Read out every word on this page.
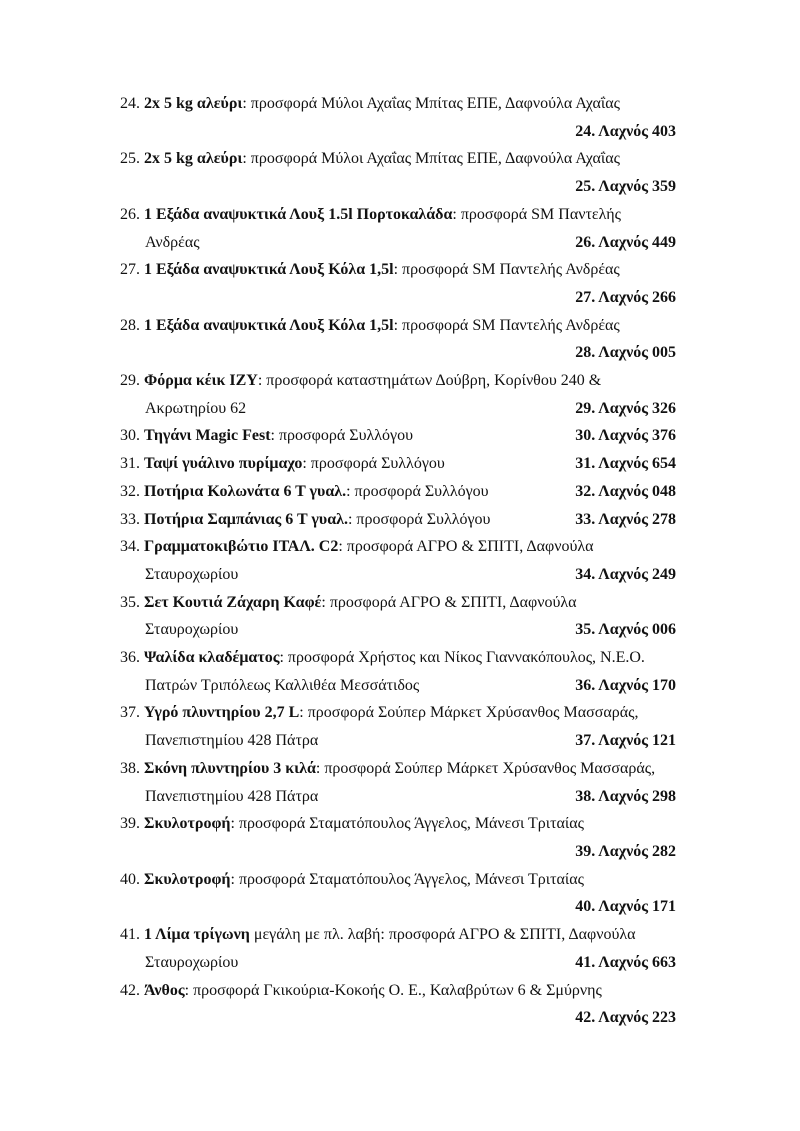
24. 2x 5 kg αλεύρι: προσφορά Μύλοι Αχαΐας Μπίτας ΕΠΕ, Δαφνούλα Αχαΐας
24. Λαχνός 403
25. 2x 5 kg αλεύρι: προσφορά Μύλοι Αχαΐας Μπίτας ΕΠΕ, Δαφνούλα Αχαΐας
25. Λαχνός 359
26. 1 Εξάδα αναψυκτικά Λουξ 1.5l Πορτοκαλάδα: προσφορά SM Παντελής
Ανδρέας	26. Λαχνός 449
27. 1 Εξάδα αναψυκτικά Λουξ Κόλα 1,5l: προσφορά SM Παντελής Ανδρέας
27. Λαχνός 266
28. 1 Εξάδα αναψυκτικά Λουξ Κόλα 1,5l: προσφορά SM Παντελής Ανδρέας
28. Λαχνός 005
29. Φόρμα κέικ IZY: προσφορά καταστημάτων Δούβρη, Κορίνθου 240 &
Ακρωτηρίου 62	29. Λαχνός 326
30. Τηγάνι Magic Fest: προσφορά Συλλόγου	30. Λαχνός 376
31. Ταψί γυάλινο πυρίμαχο: προσφορά Συλλόγου	31. Λαχνός 654
32. Ποτήρια Κολωνάτα 6 Τ γυαλ.: προσφορά Συλλόγου	32. Λαχνός 048
33. Ποτήρια Σαμπάνιας 6 Τ γυαλ.: προσφορά Συλλόγου	33. Λαχνός 278
34. Γραμματοκιβώτιο ΙΤΑΛ. C2: προσφορά ΑΓΡΟ & ΣΠΙΤΙ, Δαφνούλα
Σταυροχωρίου	34. Λαχνός 249
35. Σετ Κουτιά Ζάχαρη Καφέ: προσφορά ΑΓΡΟ & ΣΠΙΤΙ, Δαφνούλα
Σταυροχωρίου	35. Λαχνός 006
36. Ψαλίδα κλαδέματος: προσφορά Χρήστος και Νίκος Γιαννακόπουλος, Ν.Ε.Ο.
Πατρών Τριπόλεως Καλλιθέα Μεσσάτιδος	36. Λαχνός 170
37. Υγρό πλυντηρίου 2,7 L: προσφορά Σούπερ Μάρκετ Χρύσανθος Μασσαράς,
Πανεπιστημίου 428 Πάτρα	37. Λαχνός 121
38. Σκόνη πλυντηρίου 3 κιλά: προσφορά Σούπερ Μάρκετ Χρύσανθος Μασσαράς,
Πανεπιστημίου 428 Πάτρα	38. Λαχνός 298
39. Σκυλοτροφή: προσφορά Σταματόπουλος Άγγελος, Μάνεσι Τριταίας
39. Λαχνός 282
40. Σκυλοτροφή: προσφορά Σταματόπουλος Άγγελος, Μάνεσι Τριταίας
40. Λαχνός 171
41. 1 Λίμα τρίγωνη μεγάλη με πλ. λαβή: προσφορά ΑΓΡΟ & ΣΠΙΤΙ, Δαφνούλα
Σταυροχωρίου	41. Λαχνός 663
42. Άνθος: προσφορά Γκικούρια-Κοκοής Ο. Ε., Καλαβρύτων 6 & Σμύρνης
42. Λαχνός 223
